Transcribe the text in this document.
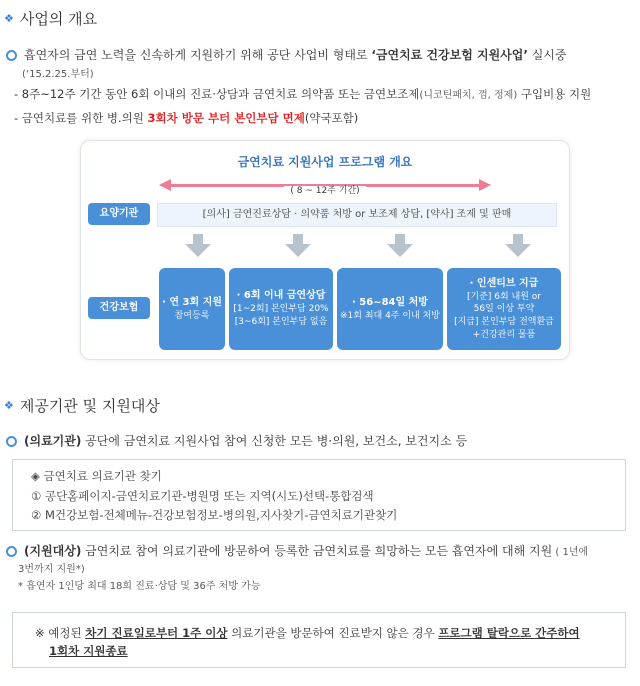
❖ 사업의 개요
흡연자의 금연 노력을 신속하게 지원하기 위해 공단 사업비 형태로 ‘금연치료 건강보험 지원사업’ 실시중
(‘15.2.25.부터)
- 8주~12주 기간 동안 6회 이내의 진료·상담과 금연치료 의약품 또는 금연보조제(니코틴패치, 껌, 정제) 구입비용 지원
- 금연치료를 위한 병.의원 3회차 방문 부터 본인부담 면제(약국포함)
금연치료 지원사업 프로그램 개요
( 8 ~ 12주 기간)
요양기관	[의사] 금연진료상담 · 의약품 처방 or 보조제 상담, [약사] 조제 및 판매
건강보험	· 연 3회 지원
참여등록
· 6회 이내 금연상담
[1~2회] 본인부담 20%
[3~6회] 본인부담 없음
· 56~84일 처방
※1회 최대 4주 이내 처방
· 인센티브 지급
[기준] 6회 내원 or
56일 이상 투약
[지급] 본인부담 전액환급
+건강관리 물품
❖ 제공기관 및 지원대상
(의료기관) 공단에 금연치료 지원사업 참여 신청한 모든 병·의원, 보건소, 보건지소 등
◈ 금연치료 의료기관 찾기
① 공단홈페이지-금연치료기관-병원명 또는 지역(시도)선택-통합검색
② M건강보험-전체메뉴-건강보험정보-병의원,지사찾기-금연치료기관찾기
(지원대상) 금연치료 참여 의료기관에 방문하여 등록한 금연치료를 희망하는 모든 흡연자에 대해 지원 ( 1년에
3번까지 지원*)
* 흡연자 1인당 최대 18회 진료·상담 및 36주 처방 가능
※ 예정된 차기 진료일로부터 1주 이상 의료기관을 방문하여 진료받지 않은 경우 프로그램 탈락으로 간주하여
1회차 지원종료
